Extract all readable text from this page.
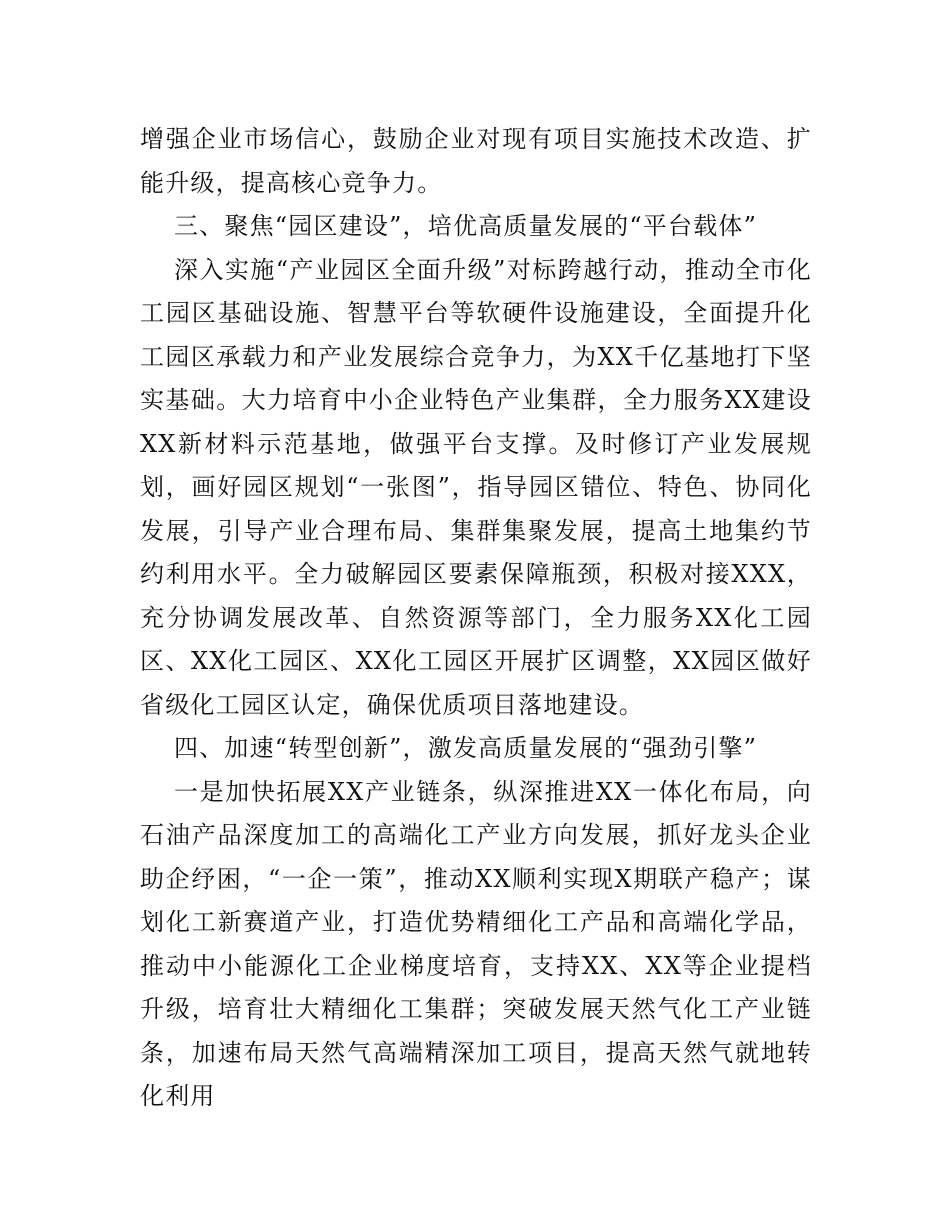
增强企业市场信心，鼓励企业对现有项目实施技术改造、扩能升级，提高核心竞争力。

三、聚焦“园区建设”，培优高质量发展的“平台载体”

深入实施“产业园区全面升级”对标跨越行动，推动全市化工园区基础设施、智慧平台等软硬件设施建设，全面提升化工园区承载力和产业发展综合竞争力，为XX千亿基地打下坚实基础。大力培育中小企业特色产业集群，全力服务XX建设XX新材料示范基地，做强平台支撑。及时修订产业发展规划，画好园区规划“一张图”，指导园区错位、特色、协同化发展，引导产业合理布局、集群集聚发展，提高土地集约节约利用水平。全力破解园区要素保障瓶颈，积极对接XXX，充分协调发展改革、自然资源等部门，全力服务XX化工园区、XX化工园区、XX化工园区开展扩区调整，XX园区做好省级化工园区认定，确保优质项目落地建设。

四、加速“转型创新”，激发高质量发展的“强劲引擎”

一是加快拓展XX产业链条，纵深推进XX一体化布局，向石油产品深度加工的高端化工产业方向发展，抓好龙头企业助企纾困，“一企一策”，推动XX顺利实现X期联产稳产；谋划化工新赛道产业，打造优势精细化工产品和高端化学品，推动中小能源化工企业梯度培育，支持XX、XX等企业提档升级，培育壮大精细化工集群；突破发展天然气化工产业链条，加速布局天然气高端精深加工项目，提高天然气就地转化利用
